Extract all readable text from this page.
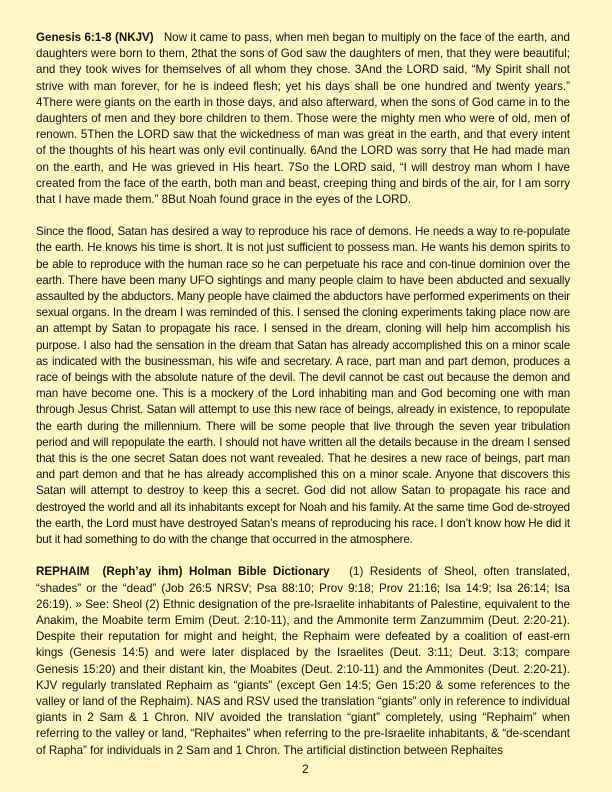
Genesis 6:1-8 (NKJV)   Now it came to pass, when men began to multiply on the face of the earth, and daughters were born to them, 2that the sons of God saw the daughters of men, that they were beautiful; and they took wives for themselves of all whom they chose. 3And the LORD said, “My Spirit shall not strive with man forever, for he is indeed flesh; yet his days shall be one hundred and twenty years.” 4There were giants on the earth in those days, and also afterward, when the sons of God came in to the daughters of men and they bore children to them. Those were the mighty men who were of old, men of renown. 5Then the LORD saw that the wickedness of man was great in the earth, and that every intent of the thoughts of his heart was only evil continually. 6And the LORD was sorry that He had made man on the earth, and He was grieved in His heart. 7So the LORD said, “I will destroy man whom I have created from the face of the earth, both man and beast, creeping thing and birds of the air, for I am sorry that I have made them.” 8But Noah found grace in the eyes of the LORD.

Since the flood, Satan has desired a way to reproduce his race of demons. He needs a way to re-populate the earth. He knows his time is short. It is not just sufficient to possess man. He wants his demon spirits to be able to reproduce with the human race so he can perpetuate his race and con-tinue dominion over the earth. There have been many UFO sightings and many people claim to have been abducted and sexually assaulted by the abductors. Many people have claimed the abductors have performed experiments on their sexual organs. In the dream I was reminded of this. I sensed the cloning experiments taking place now are an attempt by Satan to propagate his race. I sensed in the dream, cloning will help him accomplish his purpose. I also had the sensation in the dream that Satan has already accomplished this on a minor scale as indicated with the businessman, his wife and secretary. A race, part man and part demon, produces a race of beings with the absolute nature of the devil. The devil cannot be cast out because the demon and man have become one. This is a mockery of the Lord inhabiting man and God becoming one with man through Jesus Christ. Satan will attempt to use this new race of beings, already in existence, to repopulate the earth during the millennium. There will be some people that live through the seven year tribulation period and will repopulate the earth. I should not have written all the details because in the dream I sensed that this is the one secret Satan does not want revealed. That he desires a new race of beings, part man and part demon and that he has already accomplished this on a minor scale. Anyone that discovers this Satan will attempt to destroy to keep this a secret. God did not allow Satan to propagate his race and destroyed the world and all its inhabitants except for Noah and his family. At the same time God de-stroyed the earth, the Lord must have destroyed Satan’s means of reproducing his race. I don’t know how He did it but it had something to do with the change that occurred in the atmosphere.

REPHAIM  (Reph’ay ihm) Holman Bible Dictionary   (1) Residents of Sheol, often translated, “shades” or the “dead” (Job 26:5 NRSV; Psa 88:10; Prov 9:18; Prov 21:16; Isa 14:9; Isa 26:14; Isa 26:19). » See: Sheol (2) Ethnic designation of the pre-Israelite inhabitants of Palestine, equivalent to the Anakim, the Moabite term Emim (Deut. 2:10-11), and the Ammonite term Zanzummim (Deut. 2:20-21). Despite their reputation for might and height, the Rephaim were defeated by a coalition of east-ern kings (Genesis 14:5) and were later displaced by the Israelites (Deut. 3:11; Deut. 3:13; compare Genesis 15:20) and their distant kin, the Moabites (Deut. 2:10-11) and the Ammonites (Deut. 2:20-21). KJV regularly translated Rephaim as “giants” (except Gen 14:5; Gen 15:20 & some references to the valley or land of the Rephaim). NAS and RSV used the translation “giants” only in reference to individual giants in 2 Sam & 1 Chron. NIV avoided the translation “giant” completely, using “Rephaim” when referring to the valley or land, “Rephaites” when referring to the pre-Israelite inhabitants, & “de-scendant of Rapha” for individuals in 2 Sam and 1 Chron. The artificial distinction between Rephaites

2
